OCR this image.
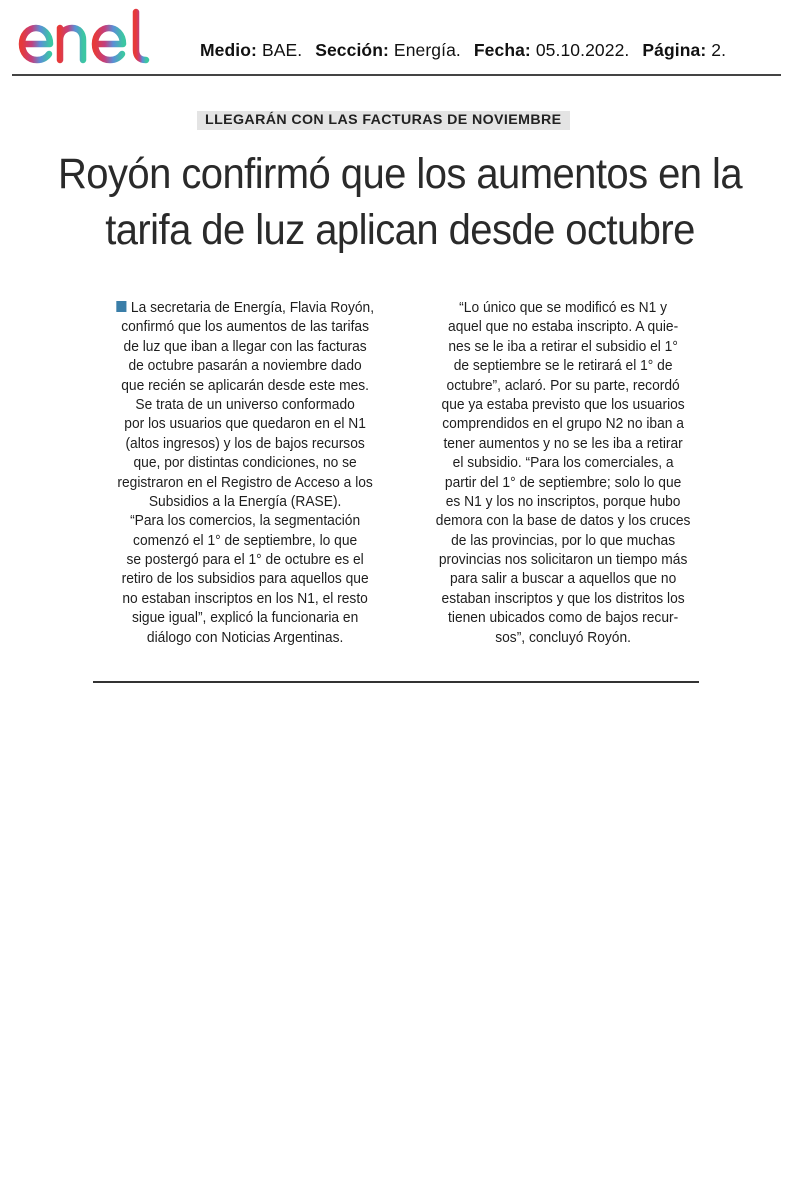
Medio: BAE. Sección: Energía. Fecha: 05.10.2022. Página: 2.
LLEGARÁN CON LAS FACTURAS DE NOVIEMBRE
Royón confirmó que los aumentos en la
tarifa de luz aplican desde octubre
La secretaria de Energía, Flavia Royón,
confirmó que los aumentos de las tarifas
de luz que iban a llegar con las facturas
de octubre pasarán a noviembre dado
que recién se aplicarán desde este mes.
Se trata de un universo conformado
por los usuarios que quedaron en el N1
(altos ingresos) y los de bajos recursos
que, por distintas condiciones, no se
registraron en el Registro de Acceso a los
Subsidios a la Energía (RASE).
“Para los comercios, la segmentación
comenzó el 1° de septiembre, lo que
se postergó para el 1° de octubre es el
retiro de los subsidios para aquellos que
no estaban inscriptos en los N1, el resto
sigue igual”, explicó la funcionaria en
diálogo con Noticias Argentinas.
“Lo único que se modificó es N1 y
aquel que no estaba inscripto. A quie-
nes se le iba a retirar el subsidio el 1°
de septiembre se le retirará el 1° de
octubre”, aclaró. Por su parte, recordó
que ya estaba previsto que los usuarios
comprendidos en el grupo N2 no iban a
tener aumentos y no se les iba a retirar
el subsidio. “Para los comerciales, a
partir del 1° de septiembre; solo lo que
es N1 y los no inscriptos, porque hubo
demora con la base de datos y los cruces
de las provincias, por lo que muchas
provincias nos solicitaron un tiempo más
para salir a buscar a aquellos que no
estaban inscriptos y que los distritos los
tienen ubicados como de bajos recur-
sos”, concluyó Royón.
